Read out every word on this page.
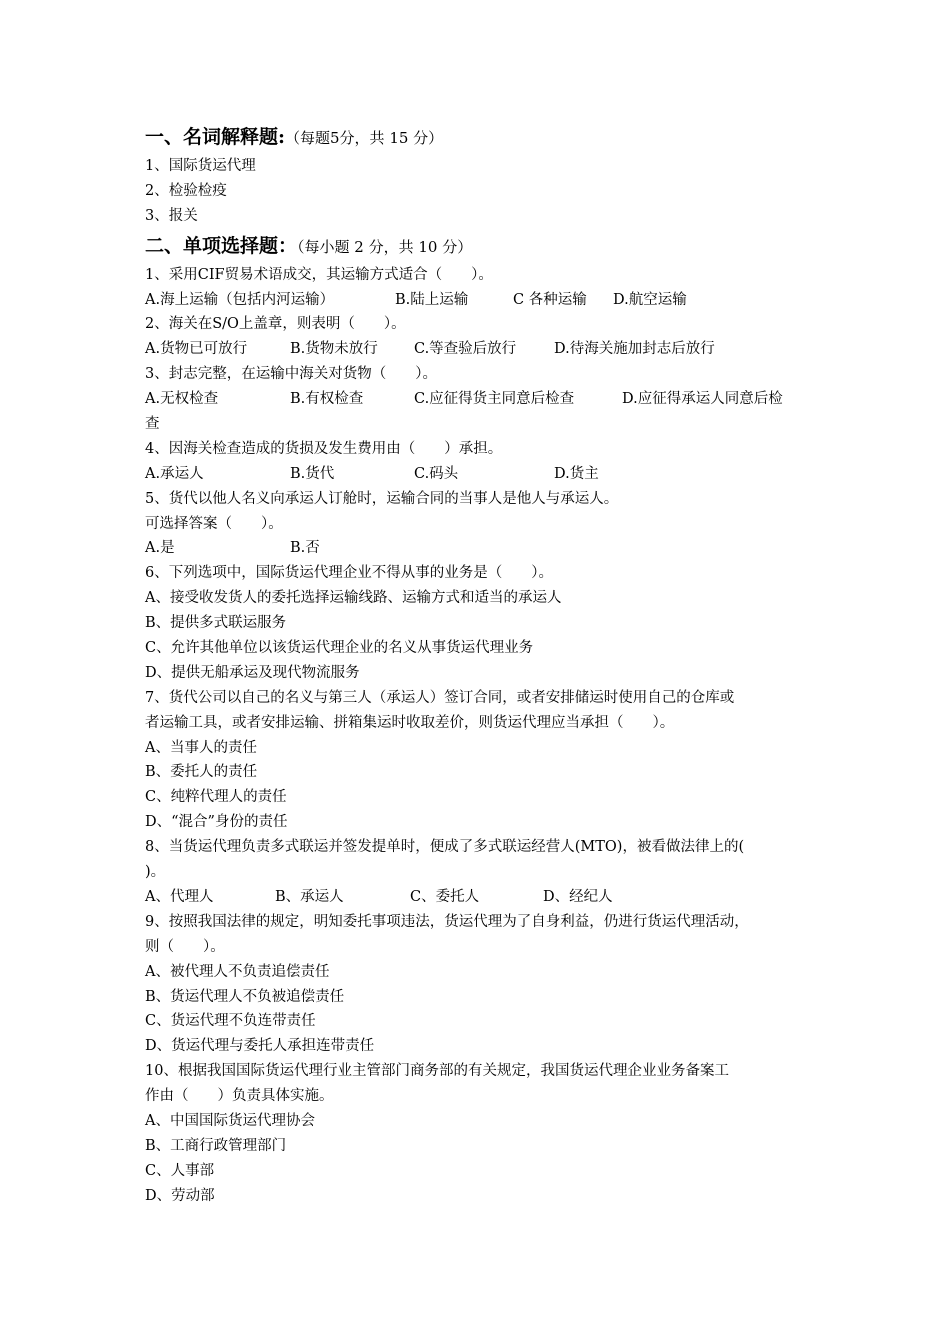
一、名词解释题:（每题5分，共 15 分）
1、国际货运代理
2、检验检疫
3、报关
二、单项选择题：（每小题 2 分，共 10 分）
1、采用CIF贸易术语成交，其运输方式适合（　　）。
A.海上运输（包括内河运输）	B.陆上运输	C 各种运输	D.航空运输
2、海关在S/O上盖章，则表明（　　）。
A.货物已可放行	B.货物未放行	C.等查验后放行	D.待海关施加封志后放行
3、封志完整，在运输中海关对货物（　　）。
A.无权检查	B.有权检查	C.应征得货主同意后检查	D.应征得承运人同意后检
查
4、因海关检查造成的货损及发生费用由（　　）承担。
A.承运人	B.货代	C.码头	D.货主
5、货代以他人名义向承运人订舱时，运输合同的当事人是他人与承运人。
可选择答案（　　）。
A.是	B.否
6、下列选项中，国际货运代理企业不得从事的业务是（　　）。
A、接受收发货人的委托选择运输线路、运输方式和适当的承运人
B、提供多式联运服务
C、允许其他单位以该货运代理企业的名义从事货运代理业务
D、提供无船承运及现代物流服务
7、货代公司以自己的名义与第三人（承运人）签订合同，或者安排储运时使用自己的仓库或
者运输工具，或者安排运输、拼箱集运时收取差价，则货运代理应当承担（　　）。
A、当事人的责任
B、委托人的责任
C、纯粹代理人的责任
D、“混合”身份的责任
8、当货运代理负责多式联运并签发提单时，便成了多式联运经营人(MTO)，被看做法律上的(
)。
A、代理人	B、承运人	C、委托人	D、经纪人
9、按照我国法律的规定，明知委托事项违法，货运代理为了自身利益，仍进行货运代理活动，
则（　　）。
A、被代理人不负责追偿责任
B、货运代理人不负被追偿责任
C、货运代理不负连带责任
D、货运代理与委托人承担连带责任
10、根据我国国际货运代理行业主管部门商务部的有关规定，我国货运代理企业业务备案工
作由（　　）负责具体实施。
A、中国国际货运代理协会
B、工商行政管理部门
C、人事部
D、劳动部
